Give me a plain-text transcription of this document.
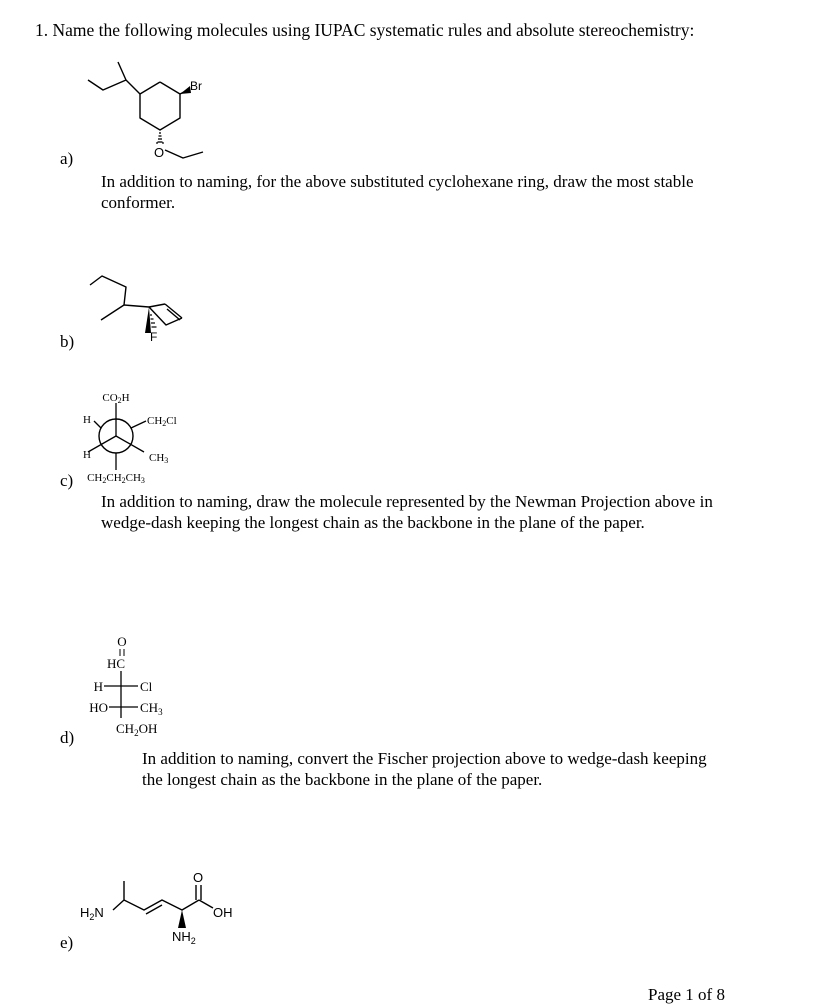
1. Name the following molecules using IUPAC systematic rules and absolute stereochemistry:
Br
O
a)
In addition to naming, for the above substituted cyclohexane ring, draw the most stable conformer.
F
b)
CO2H
H	CH2Cl
H	CH3
CH2CH2CH3
c)
In addition to naming, draw the molecule represented by the Newman Projection above in wedge-dash keeping the longest chain as the backbone in the plane of the paper.
O
HC
H	Cl
HO $CH_3$
$CH_2OH$
d)
In addition to naming, convert the Fischer projection above to wedge-dash keeping the longest chain as the backbone in the plane of the paper.
$H_2N$
O
OH
$NH_2$
e)
Page 1 of 8
